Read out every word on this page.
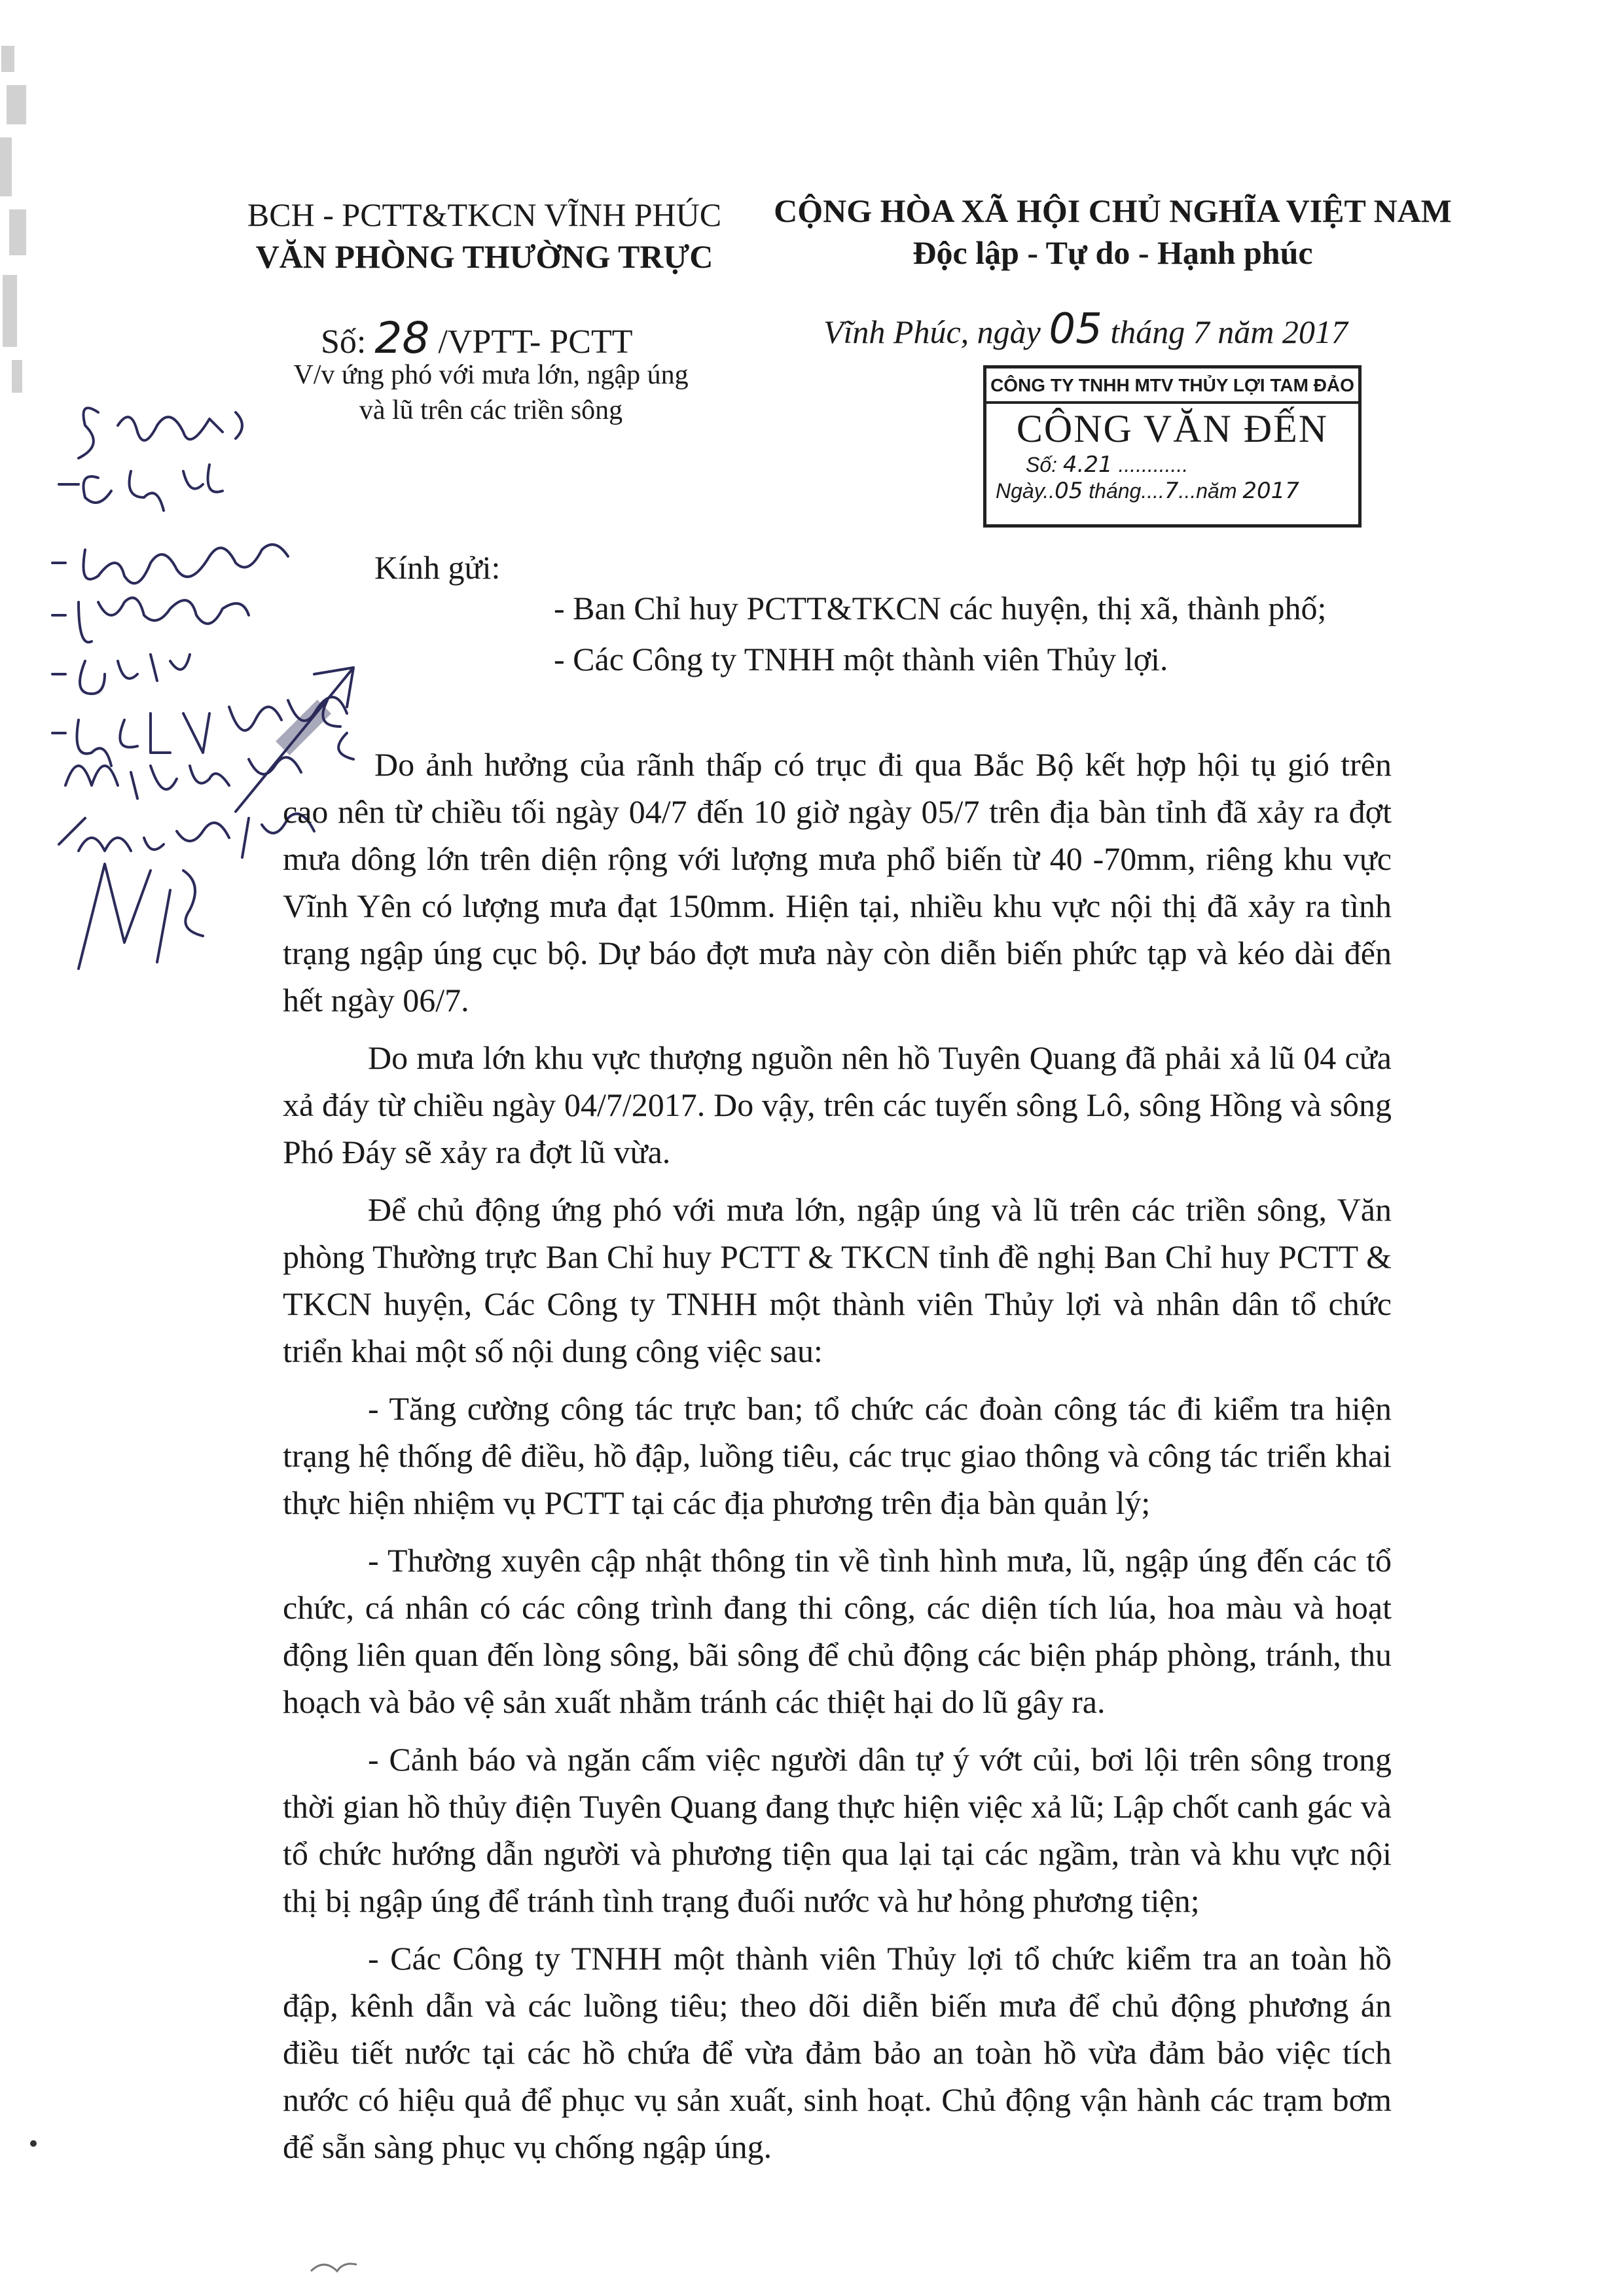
BCH - PCTT&TKCN VĨNH PHÚC
VĂN PHÒNG THƯỜNG TRỰC
CỘNG HÒA XÃ HỘI CHỦ NGHĨA VIỆT NAM
Độc lập - Tự do - Hạnh phúc
Số: 28 /VPTT- PCTT
V/v ứng phó với mưa lớn, ngập úng
và lũ trên các triền sông
Vĩnh Phúc, ngày 05 tháng 7 năm 2017
CÔNG TY TNHH MTV THỦY LỢI TAM ĐẢO
CÔNG VĂN ĐẾN
Số: 4.21 ............
Ngày..05 tháng....7...năm 2017
Kính gửi:
- Ban Chỉ huy PCTT&TKCN các huyện, thị xã, thành phố;
- Các Công ty TNHH một thành viên Thủy lợi.

Do ảnh hưởng của rãnh thấp có trục đi qua Bắc Bộ kết hợp hội tụ gió trên cao nên từ chiều tối ngày 04/7 đến 10 giờ ngày 05/7 trên địa bàn tỉnh đã xảy ra đợt mưa dông lớn trên diện rộng với lượng mưa phổ biến từ 40 -70mm, riêng khu vực Vĩnh Yên có lượng mưa đạt 150mm. Hiện tại, nhiều khu vực nội thị đã xảy ra tình trạng ngập úng cục bộ. Dự báo đợt mưa này còn diễn biến phức tạp và kéo dài đến hết ngày 06/7.

Do mưa lớn khu vực thượng nguồn nên hồ Tuyên Quang đã phải xả lũ 04 cửa xả đáy từ chiều ngày 04/7/2017. Do vậy, trên các tuyến sông Lô, sông Hồng và sông Phó Đáy sẽ xảy ra đợt lũ vừa.

Để chủ động ứng phó với mưa lớn, ngập úng và lũ trên các triền sông, Văn phòng Thường trực Ban Chỉ huy PCTT & TKCN tỉnh đề nghị Ban Chỉ huy PCTT & TKCN huyện, Các Công ty TNHH một thành viên Thủy lợi và nhân dân tổ chức triển khai một số nội dung công việc sau:

- Tăng cường công tác trực ban; tổ chức các đoàn công tác đi kiểm tra hiện trạng hệ thống đê điều, hồ đập, luồng tiêu, các trục giao thông và công tác triển khai thực hiện nhiệm vụ PCTT tại các địa phương trên địa bàn quản lý;

- Thường xuyên cập nhật thông tin về tình hình mưa, lũ, ngập úng đến các tổ chức, cá nhân có các công trình đang thi công, các diện tích lúa, hoa màu và hoạt động liên quan đến lòng sông, bãi sông để chủ động các biện pháp phòng, tránh, thu hoạch và bảo vệ sản xuất nhằm tránh các thiệt hại do lũ gây ra.

- Cảnh báo và ngăn cấm việc người dân tự ý vớt củi, bơi lội trên sông trong thời gian hồ thủy điện Tuyên Quang đang thực hiện việc xả lũ; Lập chốt canh gác và tổ chức hướng dẫn người và phương tiện qua lại tại các ngầm, tràn và khu vực nội thị bị ngập úng để tránh tình trạng đuối nước và hư hỏng phương tiện;

- Các Công ty TNHH một thành viên Thủy lợi tổ chức kiểm tra an toàn hồ đập, kênh dẫn và các luồng tiêu; theo dõi diễn biến mưa để chủ động phương án điều tiết nước tại các hồ chứa để vừa đảm bảo an toàn hồ vừa đảm bảo việc tích nước có hiệu quả để phục vụ sản xuất, sinh hoạt. Chủ động vận hành các trạm bơm để sẵn sàng phục vụ chống ngập úng.
